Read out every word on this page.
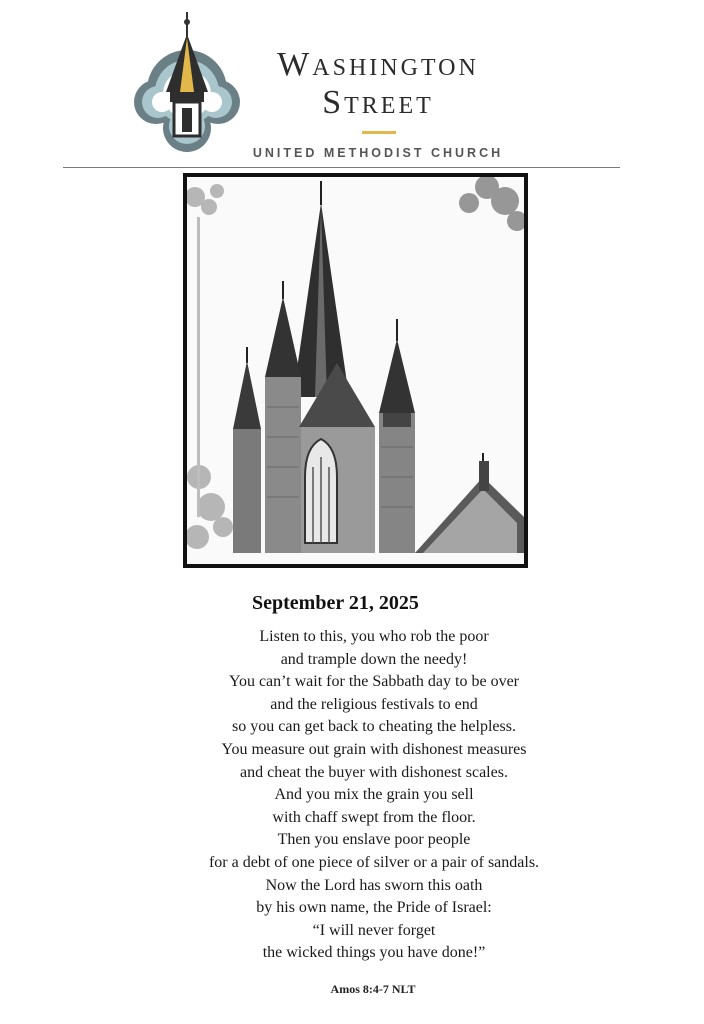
Washington
Street
UNITED METHODIST CHURCH
September 21, 2025
Listen to this, you who rob the poor
and trample down the needy!
You can’t wait for the Sabbath day to be over
and the religious festivals to end
so you can get back to cheating the helpless.
You measure out grain with dishonest measures
and cheat the buyer with dishonest scales.
And you mix the grain you sell
with chaff swept from the floor.
Then you enslave poor people
for a debt of one piece of silver or a pair of sandals.
Now the Lord has sworn this oath
by his own name, the Pride of Israel:
“I will never forget
the wicked things you have done!”
Amos 8:4-7 NLT
